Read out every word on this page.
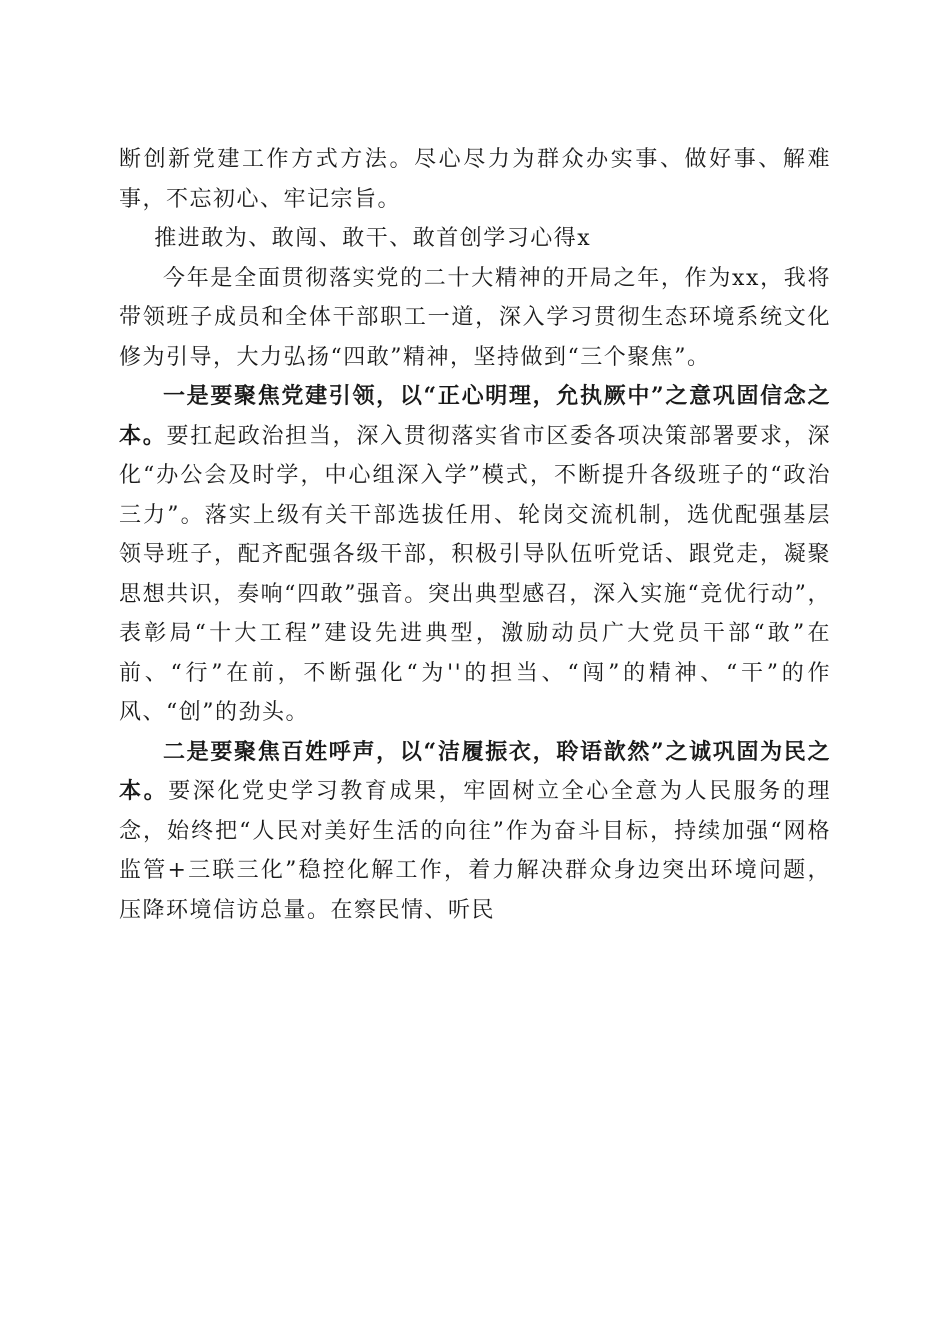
断创新党建工作方式方法。尽心尽力为群众办实事、做好事、解难事，不忘初心、牢记宗旨。

推进敢为、敢闯、敢干、敢首创学习心得x

今年是全面贯彻落实党的二十大精神的开局之年，作为xx，我将带领班子成员和全体干部职工一道，深入学习贯彻生态环境系统文化修为引导，大力弘扬“四敢”精神，坚持做到“三个聚焦”。

一是要聚焦党建引领，以“正心明理，允执厥中”之意巩固信念之本。要扛起政治担当，深入贯彻落实省市区委各项决策部署要求，深化“办公会及时学，中心组深入学”模式，不断提升各级班子的“政治三力”。落实上级有关干部选拔任用、轮岗交流机制，选优配强基层领导班子，配齐配强各级干部，积极引导队伍听党话、跟党走，凝聚思想共识，奏响“四敢”强音。突出典型感召，深入实施“竞优行动”，表彰局“十大工程”建设先进典型，激励动员广大党员干部“敢”在前、“行”在前，不断强化“为''的担当、“闯”的精神、“干”的作风、“创”的劲头。

二是要聚焦百姓呼声，以“洁履振衣，聆语歆然”之诚巩固为民之本。要深化党史学习教育成果，牢固树立全心全意为人民服务的理念，始终把“人民对美好生活的向往”作为奋斗目标，持续加强“网格监管+三联三化”稳控化解工作，着力解决群众身边突出环境问题，压降环境信访总量。在察民情、听民
